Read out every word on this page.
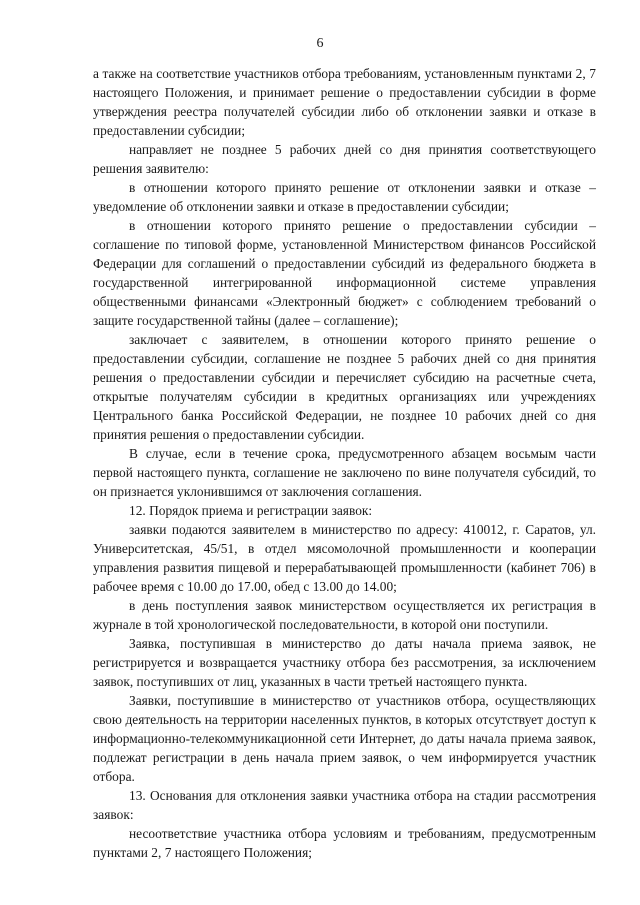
6

а также на соответствие участников отбора требованиям, установленным пунктами 2, 7 настоящего Положения, и принимает решение о предоставлении субсидии в форме утверждения реестра получателей субсидии либо об отклонении заявки и отказе в предоставлении субсидии;

направляет не позднее 5 рабочих дней со дня принятия соответствующего решения заявителю:

в отношении которого принято решение от отклонении заявки и отказе – уведомление об отклонении заявки и отказе в предоставлении субсидии;

в отношении которого принято решение о предоставлении субсидии – соглашение по типовой форме, установленной Министерством финансов Российской Федерации для соглашений о предоставлении субсидий из федерального бюджета в государственной интегрированной информационной системе управления общественными финансами «Электронный бюджет» с соблюдением требований о защите государственной тайны (далее – соглашение);

заключает с заявителем, в отношении которого принято решение о предоставлении субсидии, соглашение не позднее 5 рабочих дней со дня принятия решения о предоставлении субсидии и перечисляет субсидию на расчетные счета, открытые получателям субсидии в кредитных организациях или учреждениях Центрального банка Российской Федерации, не позднее 10 рабочих дней со дня принятия решения о предоставлении субсидии.

В случае, если в течение срока, предусмотренного абзацем восьмым части первой настоящего пункта, соглашение не заключено по вине получателя субсидий, то он признается уклонившимся от заключения соглашения.

12. Порядок приема и регистрации заявок:

заявки подаются заявителем в министерство по адресу: 410012, г. Саратов, ул. Университетская, 45/51, в отдел мясомолочной промышленности и кооперации управления развития пищевой и перерабатывающей промышленности (кабинет 706) в рабочее время с 10.00 до 17.00, обед с 13.00 до 14.00;

в день поступления заявок министерством осуществляется их регистрация в журнале в той хронологической последовательности, в которой они поступили.

Заявка, поступившая в министерство до даты начала приема заявок, не регистрируется и возвращается участнику отбора без рассмотрения, за исключением заявок, поступивших от лиц, указанных в части третьей настоящего пункта.

Заявки, поступившие в министерство от участников отбора, осуществляющих свою деятельность на территории населенных пунктов, в которых отсутствует доступ к информационно-телекоммуникационной сети Интернет, до даты начала приема заявок, подлежат регистрации в день начала прием заявок, о чем информируется участник отбора.

13. Основания для отклонения заявки участника отбора на стадии рассмотрения заявок:

несоответствие участника отбора условиям и требованиям, предусмотренным пунктами 2, 7 настоящего Положения;
